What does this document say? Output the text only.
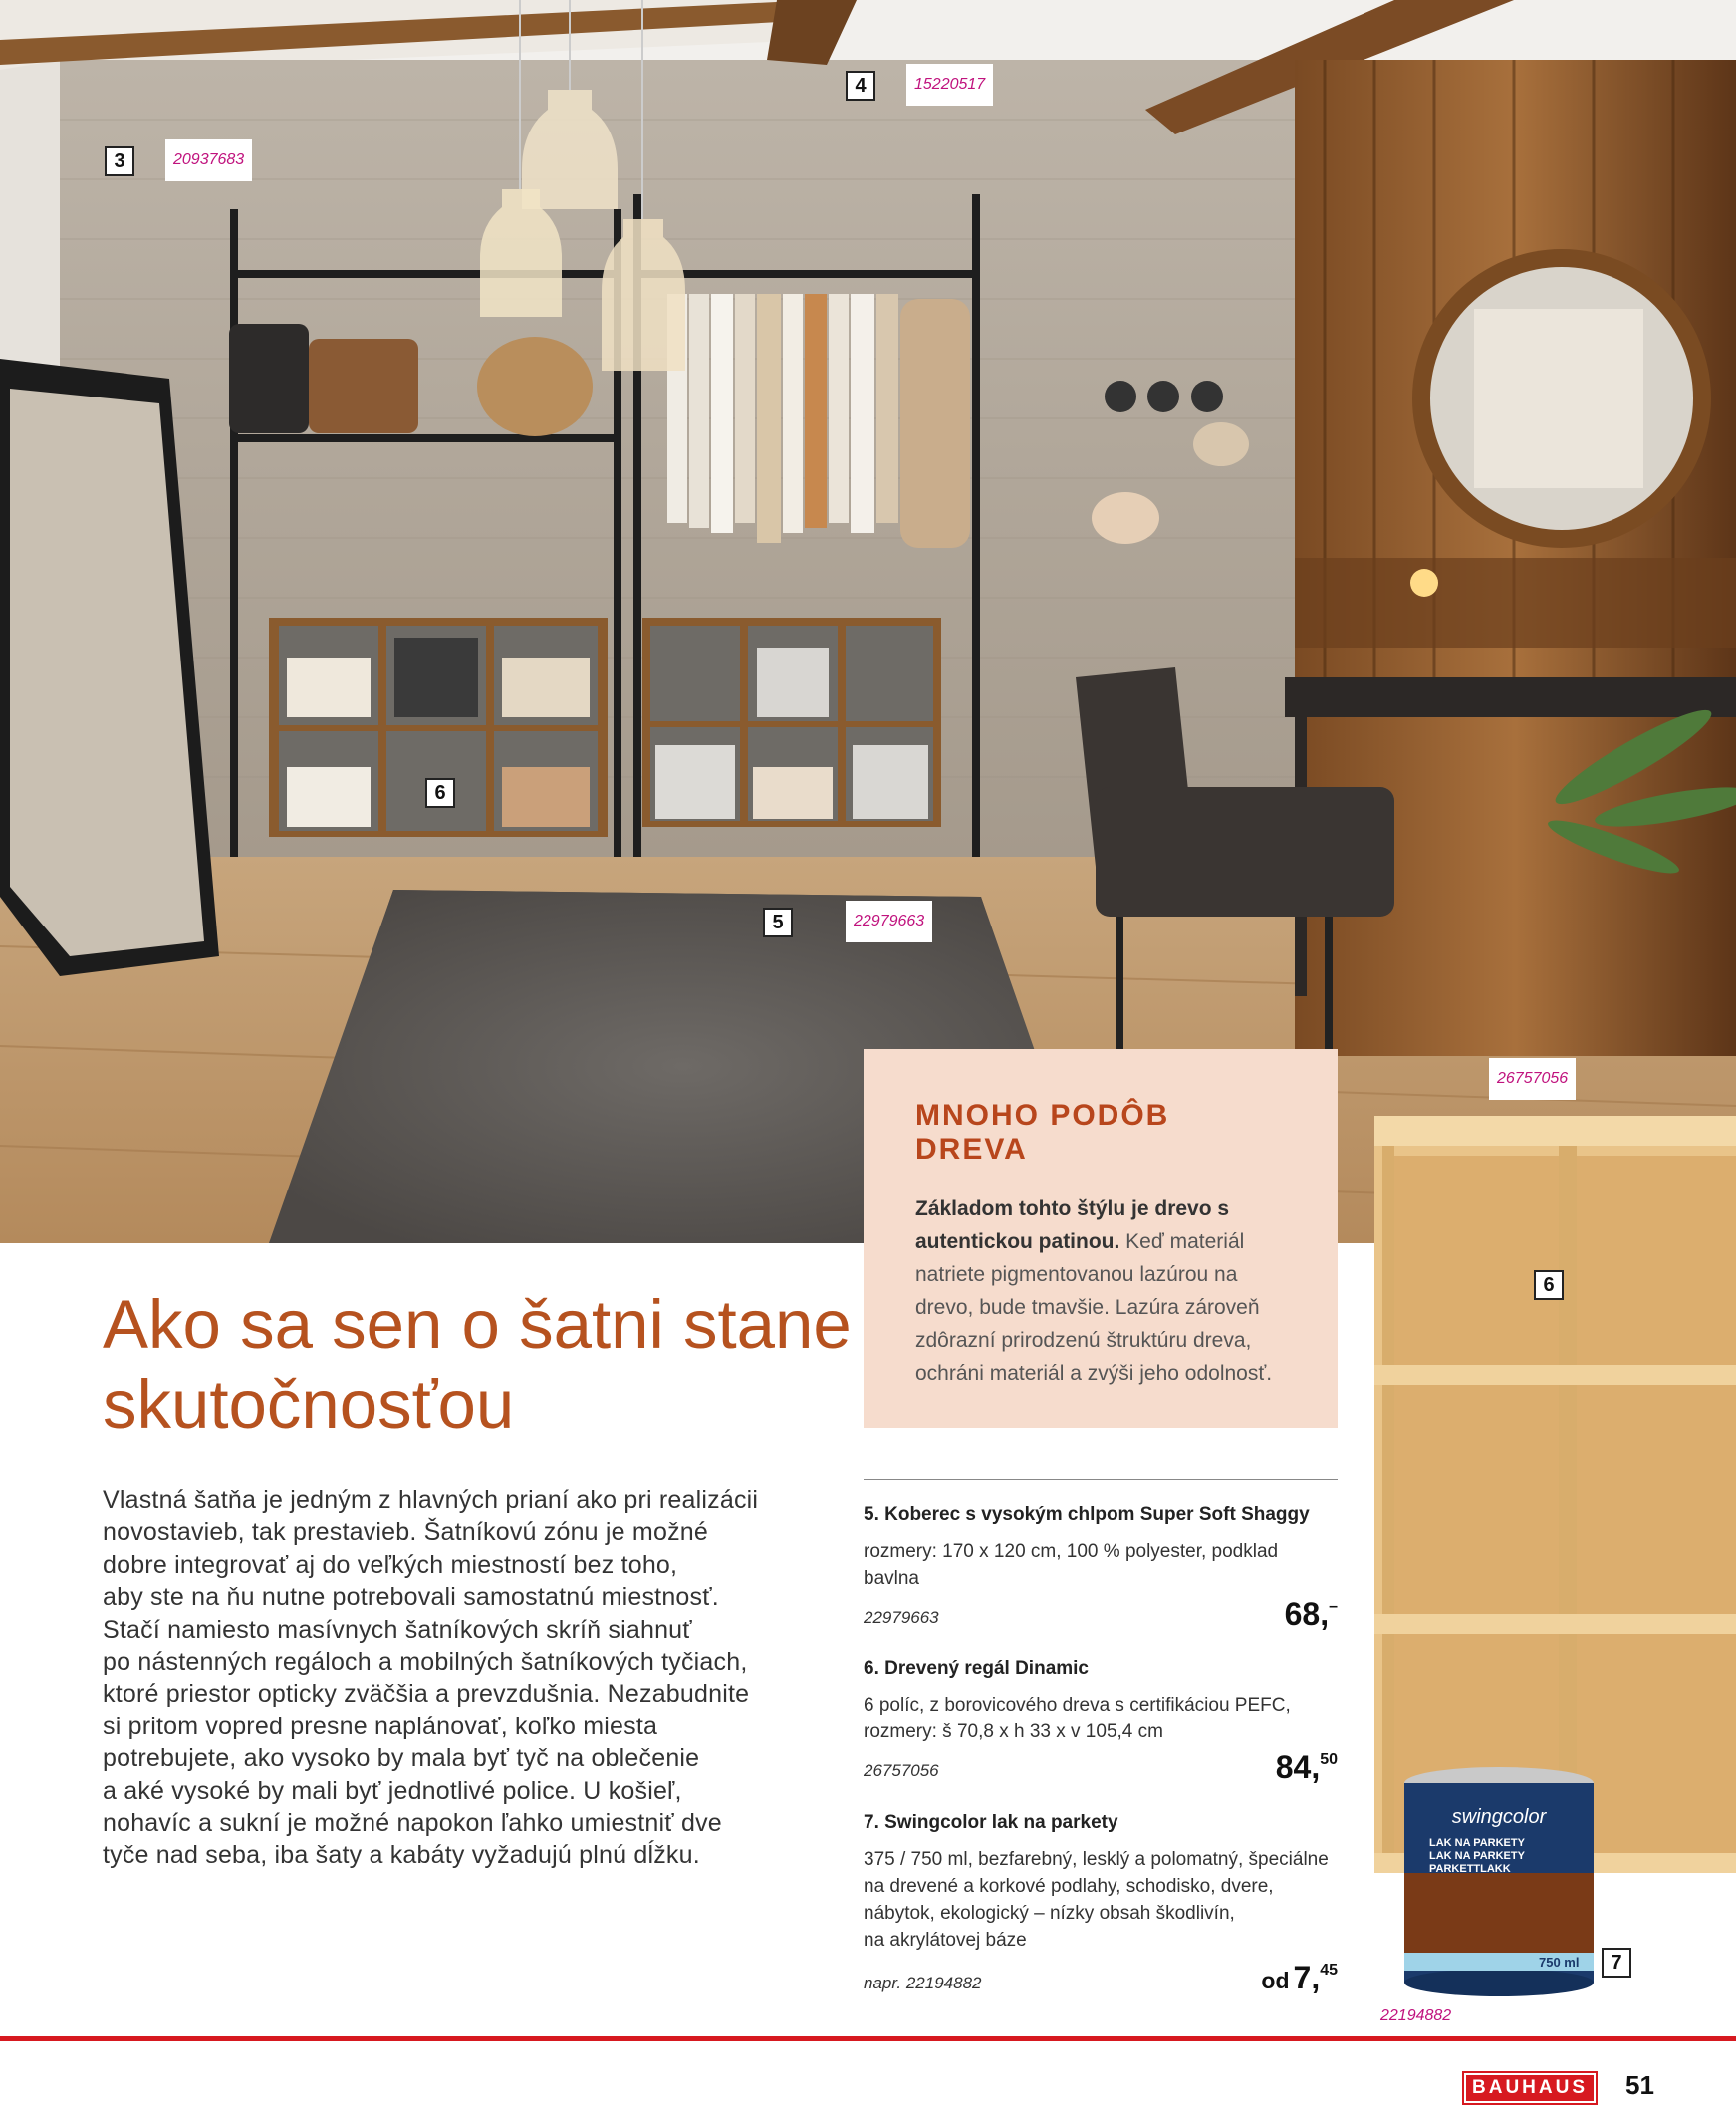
3	20937683
4	15220517
6
5	22979663
MNOHO PODÔB DREVA
Základom tohto štýlu je drevo s autentickou patinou. Keď materiál natriete pigmentovanou lazúrou na drevo, bude tmavšie. Lazúra zároveň zdôrazní prirodzenú štruktúru dreva, ochráni materiál a zvýši jeho odolnosť.
Ako sa sen o šatni stane
skutočnosťou
Vlastná šatňa je jedným z hlavných prianí ako pri realizácii
novostavieb, tak prestavieb. Šatníkovú zónu je možné
dobre integrovať aj do veľkých miestností bez toho,
aby ste na ňu nutne potrebovali samostatnú miestnosť.
Stačí namiesto masívnych šatníkových skríň siahnuť
po nástenných regáloch a mobilných šatníkových tyčiach,
ktoré priestor opticky zväčšia a prevzdušnia. Nezabudnite
si pritom vopred presne naplánovať, koľko miesta
potrebujete, ako vysoko by mala byť tyč na oblečenie
a aké vysoké by mali byť jednotlivé police. U košieľ,
nohavíc a sukní je možné napokon ľahko umiestniť dve
tyče nad seba, iba šaty a kabáty vyžadujú plnú dĺžku.
5. Koberec s vysokým chlpom Super Soft Shaggy
rozmery: 170 x 120 cm, 100 % polyester, podklad
bavlna
22979663	68,–
6. Drevený regál Dinamic
6 políc, z borovicového dreva s certifikáciou PEFC,
rozmery: š 70,8 x h 33 x v 105,4 cm
26757056	84,50
7. Swingcolor lak na parkety
375 / 750 ml, bezfarebný, lesklý a polomatný, špeciálne
na drevené a korkové podlahy, schodisko, dvere,
nábytok, ekologický – nízky obsah škodlivín,
na akrylátovej báze
napr. 22194882	od 7,45
26757056
6
swingcolor
LAK NA PARKETY
LAK NA PARKETY
PARKETTLAKK
750 ml	7
22194882
BAUHAUS 51
